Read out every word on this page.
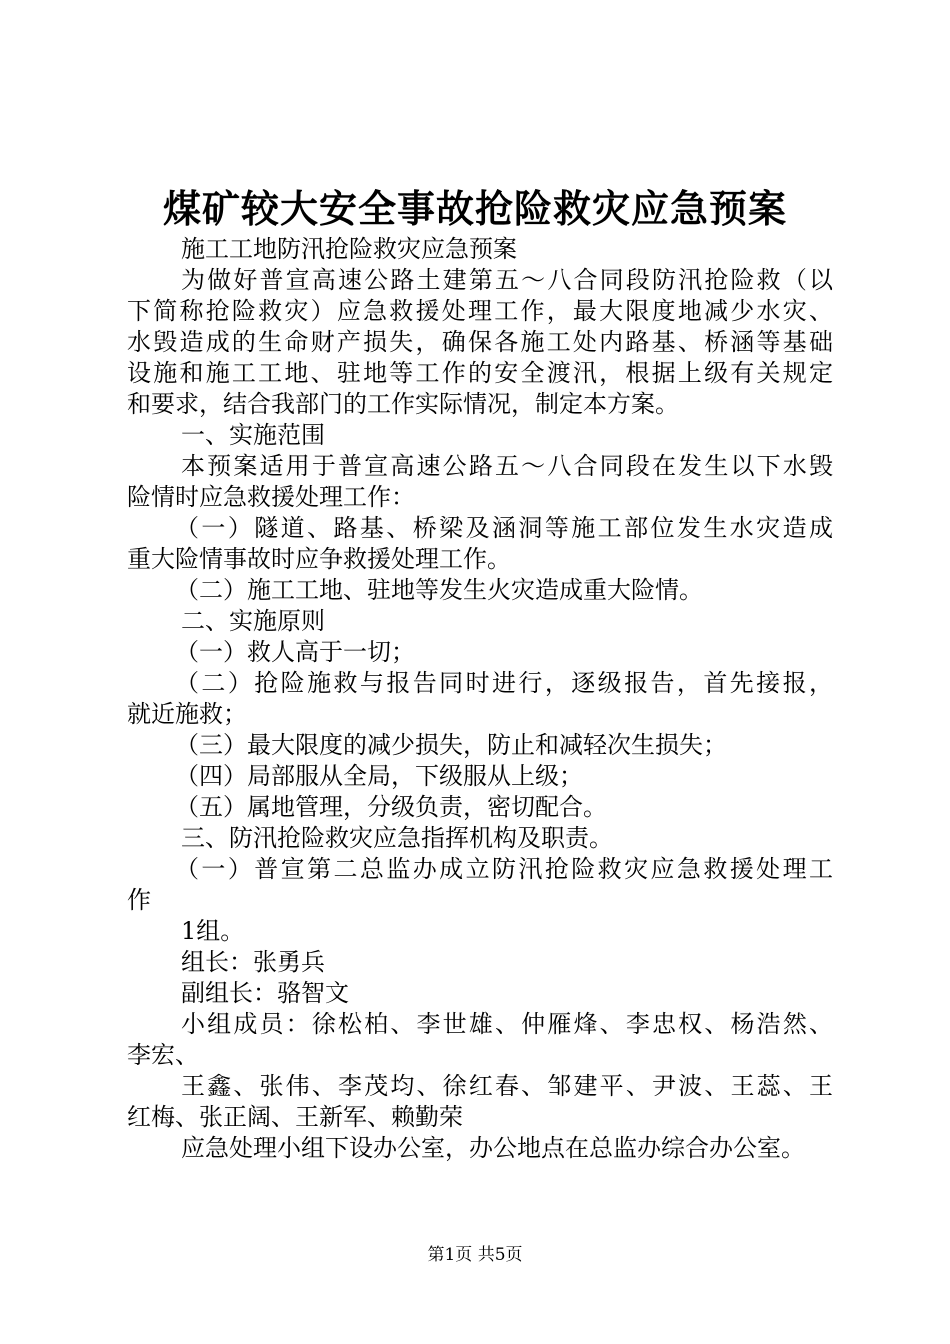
煤矿较大安全事故抢险救灾应急预案
施工工地防汛抢险救灾应急预案
为做好普宣高速公路土建第五～八合同段防汛抢险救（以
下简称抢险救灾）应急救援处理工作，最大限度地减少水灾、
水毁造成的生命财产损失，确保各施工处内路基、桥涵等基础
设施和施工工地、驻地等工作的安全渡汛，根据上级有关规定
和要求，结合我部门的工作实际情况，制定本方案。
一、实施范围
本预案适用于普宣高速公路五～八合同段在发生以下水毁
险情时应急救援处理工作：
（一）隧道、路基、桥梁及涵洞等施工部位发生水灾造成
重大险情事故时应争救援处理工作。
（二）施工工地、驻地等发生火灾造成重大险情。
二、实施原则
（一）救人高于一切；
（二）抢险施救与报告同时进行，逐级报告，首先接报，
就近施救；
（三）最大限度的减少损失，防止和减轻次生损失；
（四）局部服从全局，下级服从上级；
（五）属地管理，分级负责，密切配合。
三、防汛抢险救灾应急指挥机构及职责。
（一）普宣第二总监办成立防汛抢险救灾应急救援处理工
作
1组。
组长：张勇兵
副组长：骆智文
小组成员：徐松柏、李世雄、仲雁烽、李忠权、杨浩然、
李宏、
王鑫、张伟、李茂均、徐红春、邹建平、尹波、王蕊、王
红梅、张正阔、王新军、赖勤荣
应急处理小组下设办公室，办公地点在总监办综合办公室。
第1页 共5页
